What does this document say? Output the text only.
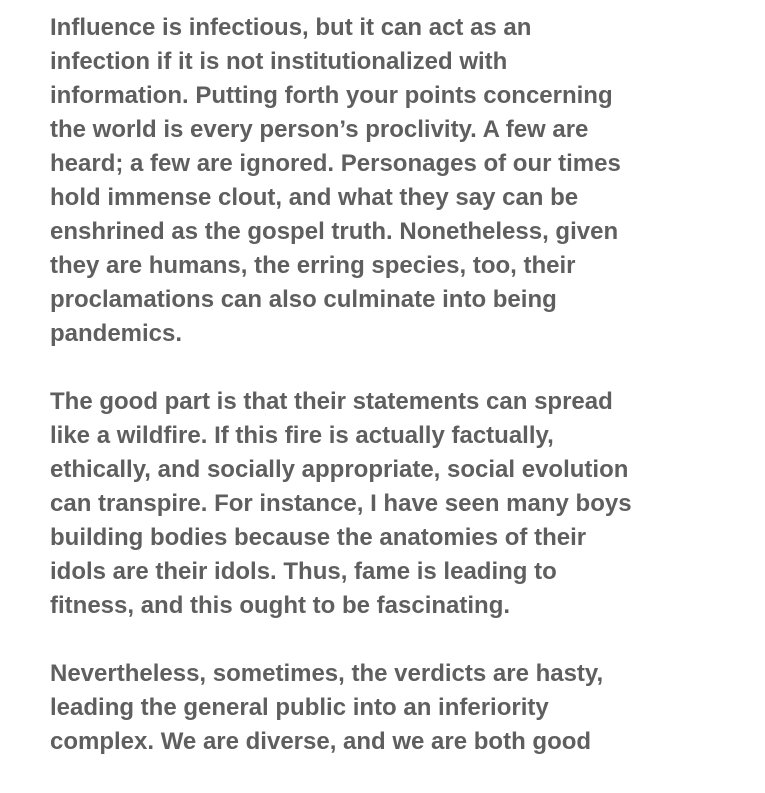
Influence is infectious, but it can act as an
infection if it is not institutionalized with
information. Putting forth your points concerning
the world is every person’s proclivity. A few are
heard; a few are ignored. Personages of our times
hold immense clout, and what they say can be
enshrined as the gospel truth. Nonetheless, given
they are humans, the erring species, too, their
proclamations can also culminate into being
pandemics.

The good part is that their statements can spread
like a wildfire. If this fire is actually factually,
ethically, and socially appropriate, social evolution
can transpire. For instance, I have seen many boys
building bodies because the anatomies of their
idols are their idols. Thus, fame is leading to
fitness, and this ought to be fascinating.

Nevertheless, sometimes, the verdicts are hasty,
leading the general public into an inferiority
complex. We are diverse, and we are both good
